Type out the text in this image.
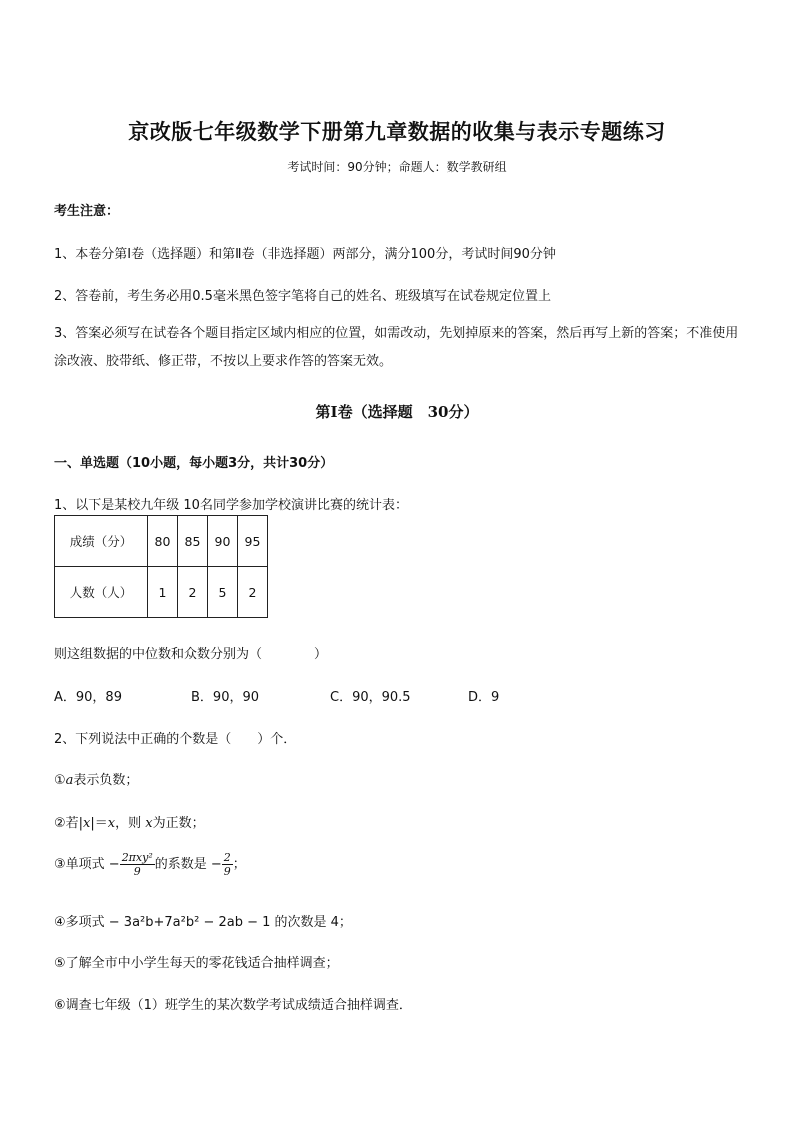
京改版七年级数学下册第九章数据的收集与表示专题练习
考试时间：90分钟；命题人：数学教研组
考生注意：
1、本卷分第Ⅰ卷（选择题）和第Ⅱ卷（非选择题）两部分，满分100分，考试时间90分钟
2、答卷前，考生务必用0.5毫米黑色签字笔将自己的姓名、班级填写在试卷规定位置上
3、答案必须写在试卷各个题目指定区域内相应的位置，如需改动，先划掉原来的答案，然后再写上新的答案；不准使用涂改液、胶带纸、修正带，不按以上要求作答的答案无效。
第Ⅰ卷（选择题　30分）
一、单选题（10小题，每小题3分，共计30分）
1、以下是某校九年级 10名同学参加学校演讲比赛的统计表：
成绩（分）	80	85	90	95
人数（人）	1	2	5	2
则这组数据的中位数和众数分别为（　　　　）
A．90，89	B．90，90	C．90，90.5	D．9
2、下列说法中正确的个数是（　　）个．
①a表示负数；
②若|x|＝x，则 x为正数；
③单项式 − $\frac{\text{2πxy²}}{9}$ 的系数是 − $\frac{2}{9}$ ；
④多项式 − 3a²b+7a²b² − 2ab − 1 的次数是 4；
⑤了解全市中小学生每天的零花钱适合抽样调查；
⑥调查七年级（1）班学生的某次数学考试成绩适合抽样调查．
